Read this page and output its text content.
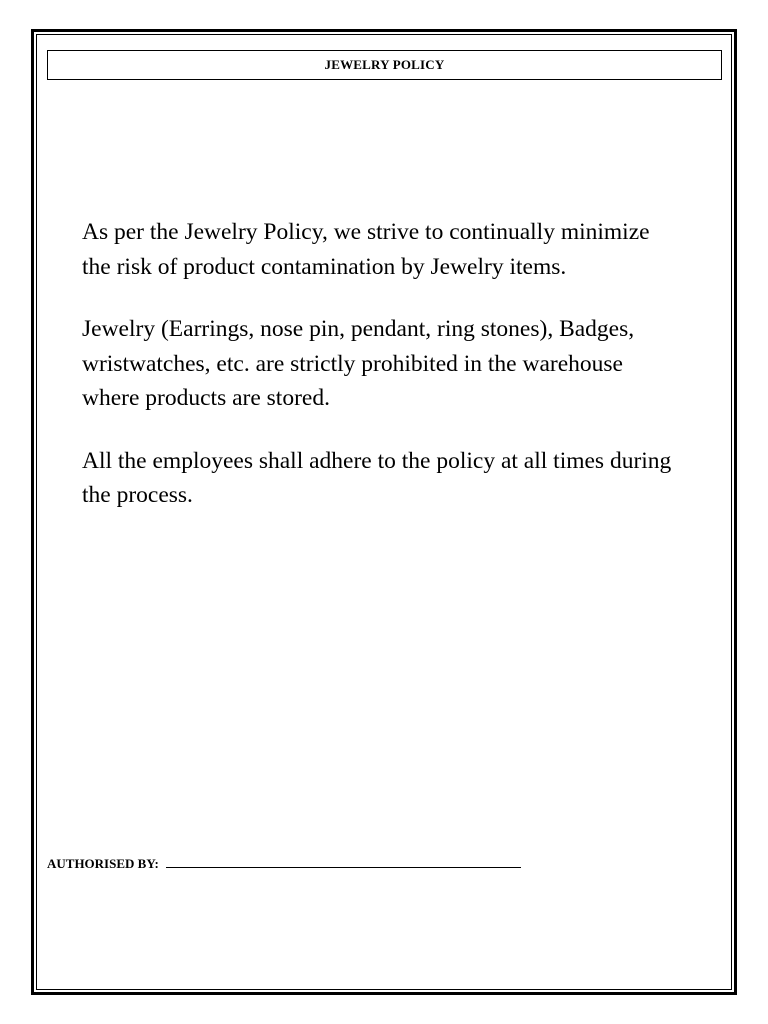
JEWELRY POLICY

As per the Jewelry Policy, we strive to continually minimize the risk of product contamination by Jewelry items.

Jewelry (Earrings, nose pin, pendant, ring stones), Badges, wristwatches, etc. are strictly prohibited in the warehouse where products are stored.

All the employees shall adhere to the policy at all times during the process.

AUTHORISED BY:
